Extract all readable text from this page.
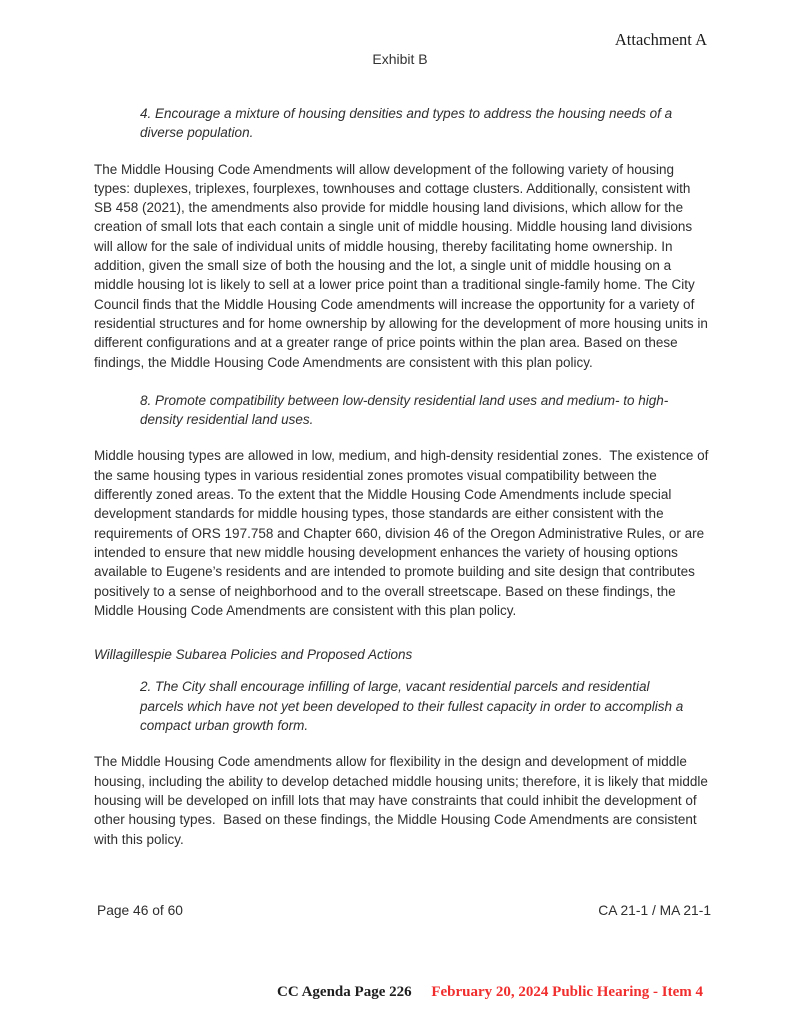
Attachment A
Exhibit B
4. Encourage a mixture of housing densities and types to address the housing needs of a diverse population.
The Middle Housing Code Amendments will allow development of the following variety of housing types: duplexes, triplexes, fourplexes, townhouses and cottage clusters. Additionally, consistent with SB 458 (2021), the amendments also provide for middle housing land divisions, which allow for the creation of small lots that each contain a single unit of middle housing. Middle housing land divisions will allow for the sale of individual units of middle housing, thereby facilitating home ownership. In addition, given the small size of both the housing and the lot, a single unit of middle housing on a middle housing lot is likely to sell at a lower price point than a traditional single-family home. The City Council finds that the Middle Housing Code amendments will increase the opportunity for a variety of residential structures and for home ownership by allowing for the development of more housing units in different configurations and at a greater range of price points within the plan area. Based on these findings, the Middle Housing Code Amendments are consistent with this plan policy.
8. Promote compatibility between low-density residential land uses and medium- to high-density residential land uses.
Middle housing types are allowed in low, medium, and high-density residential zones.  The existence of the same housing types in various residential zones promotes visual compatibility between the differently zoned areas. To the extent that the Middle Housing Code Amendments include special development standards for middle housing types, those standards are either consistent with the requirements of ORS 197.758 and Chapter 660, division 46 of the Oregon Administrative Rules, or are intended to ensure that new middle housing development enhances the variety of housing options available to Eugene’s residents and are intended to promote building and site design that contributes positively to a sense of neighborhood and to the overall streetscape. Based on these findings, the Middle Housing Code Amendments are consistent with this plan policy.
Willagillespie Subarea Policies and Proposed Actions
2. The City shall encourage infilling of large, vacant residential parcels and residential parcels which have not yet been developed to their fullest capacity in order to accomplish a compact urban growth form.
The Middle Housing Code amendments allow for flexibility in the design and development of middle housing, including the ability to develop detached middle housing units; therefore, it is likely that middle housing will be developed on infill lots that may have constraints that could inhibit the development of other housing types.  Based on these findings, the Middle Housing Code Amendments are consistent with this policy.
Page 46 of 60	CA 21-1 / MA 21-1
CC Agenda Page 226 February 20, 2024 Public Hearing - Item 4
